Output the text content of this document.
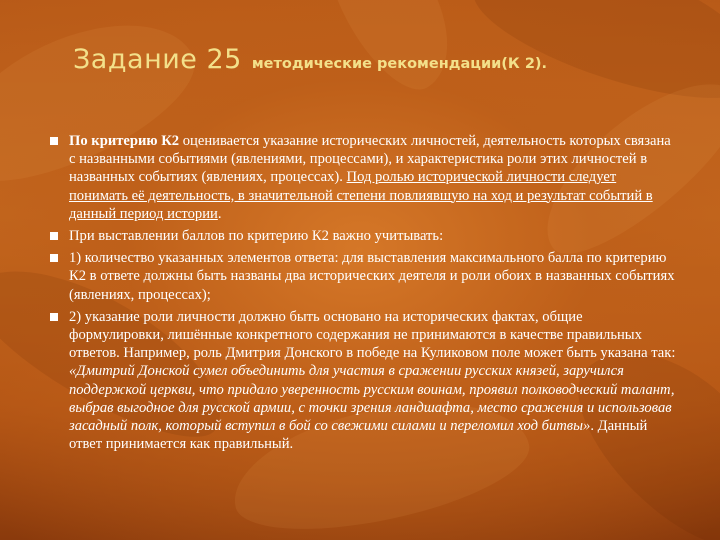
Задание 25 методические рекомендации(К 2).
По критерию К2 оценивается указание исторических личностей, деятельность которых связана с названными событиями (явлениями, процессами), и характеристика роли этих личностей в названных событиях (явлениях, процессах). Под ролью исторической личности следует понимать её деятельность, в значительной степени повлиявшую на ход и результат событий в данный период истории.
При выставлении баллов по критерию К2 важно учитывать:
1) количество указанных элементов ответа: для выставления максимального балла по критерию К2 в ответе должны быть названы два исторических деятеля и роли обоих в названных событиях (явлениях, процессах);
2) указание роли личности должно быть основано на исторических фактах, общие формулировки, лишённые конкретного содержания не принимаются в качестве правильных ответов. Например, роль Дмитрия Донского в победе на Куликовом поле может быть указана так: «Дмитрий Донской сумел объединить для участия в сражении русских князей, заручился поддержкой церкви, что придало уверенность русским воинам, проявил полководческий талант, выбрав выгодное для русской армии, с точки зрения ландшафта, место сражения и использовав засадный полк, который вступил в бой со свежими силами и переломил ход битвы». Данный ответ принимается как правильный.
